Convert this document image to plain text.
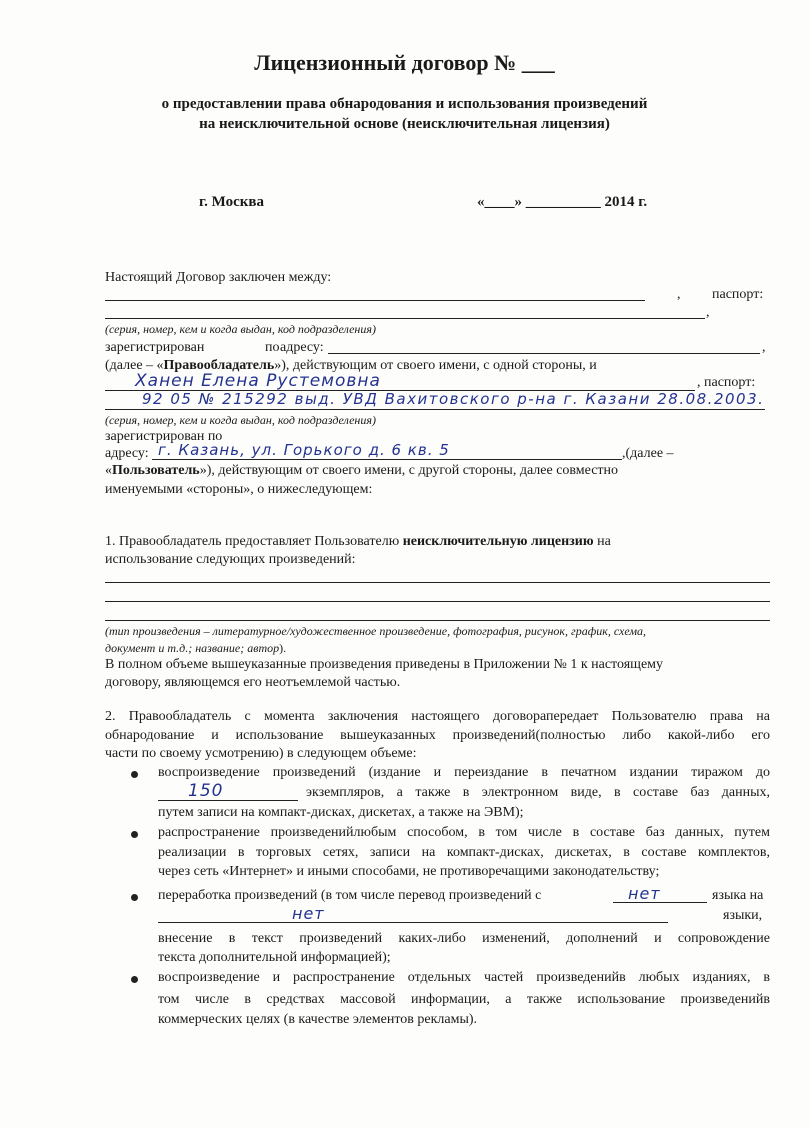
Лицензионный договор № ___
о предоставлении права обнародования и использования произведений
на неисключительной основе (неисключительная лицензия)
г. Москва	«____» __________ 2014 г.
Настоящий Договор заключен между:
, паспорт:
,
(серия, номер, кем и когда выдан, код подразделения)
зарегистрирован	по адресу:	,
(далее – «Правообладатель»), действующим от своего имени, с одной стороны, и
Ханен Елена Рустемовна	, паспорт:
92 05 № 215292 выд. УВД Вахитовского р-на г. Казани 28.08.2003.
(серия, номер, кем и когда выдан, код подразделения)
зарегистрирован по
адресу: г. Казань, ул. Горького д. 6 кв. 5	,(далее –
«Пользователь»), действующим от своего имени, с другой стороны, далее совместно
именуемыми «стороны», о нижеследующем:
1. Правообладатель предоставляет Пользователю неисключительную лицензию на
использование следующих произведений:
(тип произведения – литературное/художественное произведение, фотография, рисунок, график, схема,
документ и т.д.; название; автор).
В полном объеме вышеуказанные произведения приведены в Приложении № 1 к настоящему
договору, являющемся его неотъемлемой частью.
2. Правообладатель с момента заключения настоящего договорапередает Пользователю права на
обнародование и использование вышеуказанных произведений(полностью либо какой-либо его
части по своему усмотрению) в следующем объеме:
воспроизведение произведений (издание и переиздание в печатном издании тиражом до
150	экземпляров, а также в электронном виде, в составе баз данных,
путем записи на компакт-дисках, дискетах, а также на ЭВМ);
распространение произведенийлюбым способом, в том числе в составе баз данных, путем
реализации в торговых сетях, записи на компакт-дисках, дискетах, в составе комплектов,
через сеть «Интернет» и иными способами, не противоречащими законодательству;
переработка произведений (в том числе перевод произведений с	нет	языка на
нет	языки,
внесение в текст произведений каких-либо изменений, дополнений и сопровождение
текста дополнительной информацией);
воспроизведение и распространение отдельных частей произведенийв любых изданиях, в
том числе в средствах массовой информации, а также использование произведенийв
коммерческих целях (в качестве элементов рекламы).
